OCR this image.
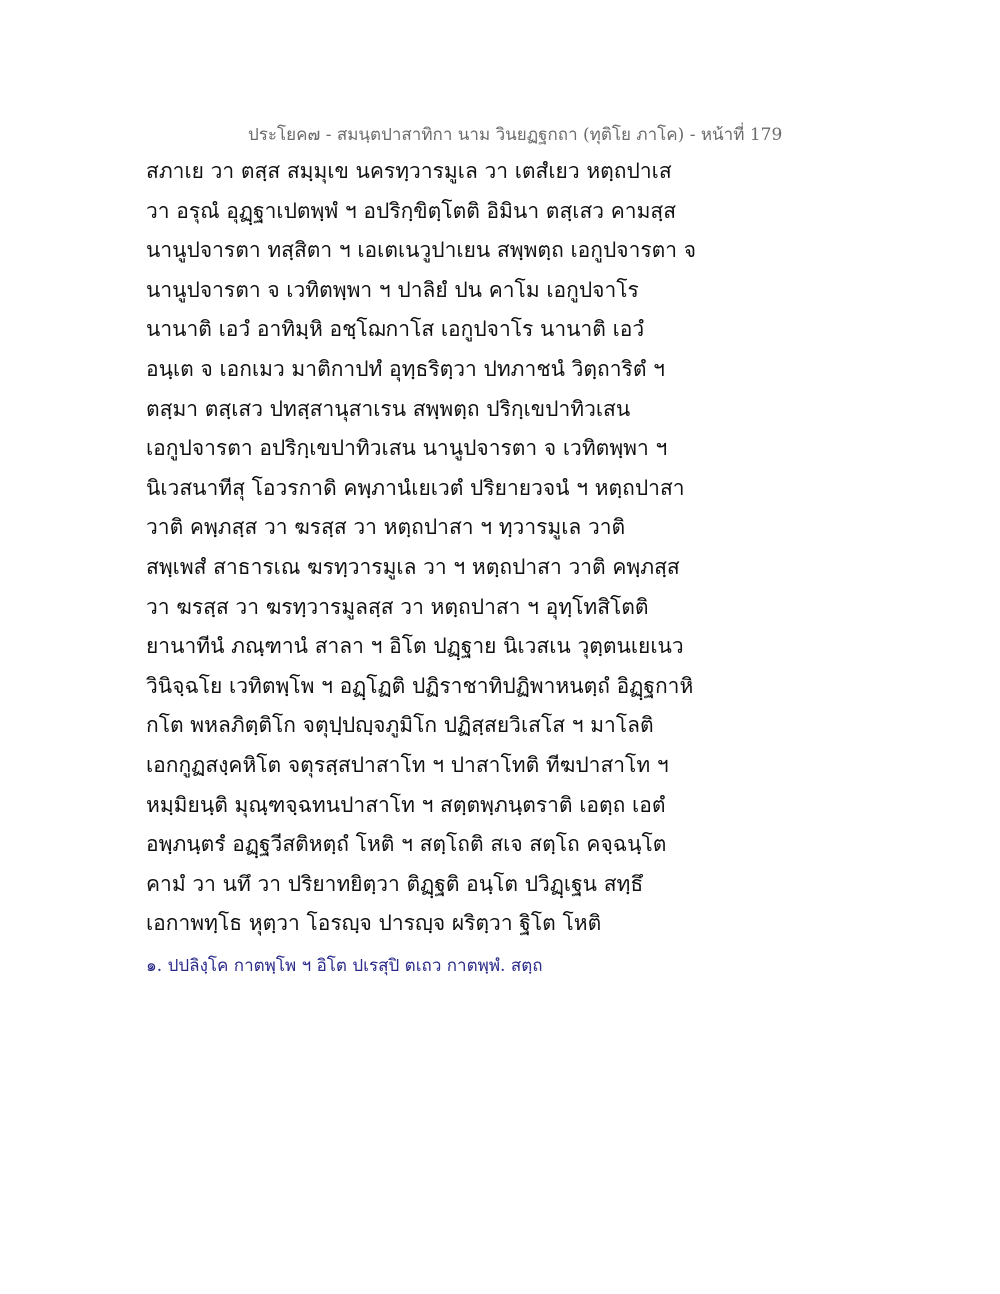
ประโยค๗ - สมนฺตปาสาทิกา นาม วินยฏฐกถา (ทุติโย ภาโค) - หน้าที่ 179
สภาเย วา ตสฺส สมฺมุเข นครทฺวารมูเล วา เตสํเยว หตฺถปาเส
วา อรุณํ อุฏฺฐาเปตพฺพํ ฯ อปริกฺขิตฺโตติ อิมินา ตสฺเสว คามสฺส
นานูปจารตา ทสฺสิตา ฯ เอเตเนวูปาเยน สพฺพตฺถ เอกูปจารตา จ
นานูปจารตา จ เวทิตพฺพา ฯ ปาลิยํ ปน คาโม เอกูปจาโร
นานาติ เอวํ อาทิมฺหิ อชฺโฌกาโส เอกูปจาโร นานาติ เอวํ
อนฺเต จ เอกเมว มาติกาปทํ อุทฺธริตฺวา ปทภาชนํ วิตฺถาริตํ ฯ
ตสฺมา ตสฺเสว ปทสฺสานุสาเรน สพฺพตฺถ ปริกฺเขปาทิวเสน
เอกูปจารตา อปริกฺเขปาทิวเสน นานูปจารตา จ เวทิตพฺพา ฯ
นิเวสนาทีสุ โอวรกาดิ คพฺภานํเยเวตํ ปริยายวจนํ ฯ หตฺถปาสา
วาติ คพฺภสฺส วา ฆรสฺส วา หตฺถปาสา ฯ ทฺวารมูเล วาติ
สพฺเพสํ สาธารเณ ฆรทฺวารมูเล วา ฯ หตฺถปาสา วาติ คพฺภสฺส
วา ฆรสฺส วา ฆรทฺวารมูลสฺส วา หตฺถปาสา ฯ อุทฺโทสิโตติ
ยานาทีนํ ภณฺฑานํ สาลา ฯ อิโต ปฏฺฐาย นิเวสเน วุตฺตนเยเนว
วินิจฺฉโย เวทิตพฺโพ ฯ อฏฺโฏติ ปฏิราชาทิปฏิพาหนตฺถํ อิฏฺฐกาหิ
กโต พหลภิตฺติโก จตุปฺปญฺจภูมิโก ปฏิสฺสยวิเสโส ฯ มาโลติ
เอกกูฏสงฺคหิโต จตุรสฺสปาสาโท ฯ ปาสาโทติ ทีฆปาสาโท ฯ
หมฺมิยนฺติ มุณฺฑจฺฉทนปาสาโท ฯ สตฺตพฺภนฺตราติ เอตฺถ เอตํ
อพฺภนฺตรํ อฏฺฐวีสติหตฺถํ โหติ ฯ สตฺโถติ สเจ สตฺโถ คจฺฉนฺโต
คามํ วา นทึ วา ปริยาทยิตฺวา ติฏฺฐติ อนฺโต ปวิฏฺเฐน สทฺธึ
เอกาพทฺโธ หุตฺวา โอรญฺจ ปารญฺจ ผริตฺวา ฐิโต โหติ
๑. ปปลิงฺโค กาตพฺโพ ฯ อิโต ปเรสุปิ ตเถว กาตพฺพํ. สตฺถ
